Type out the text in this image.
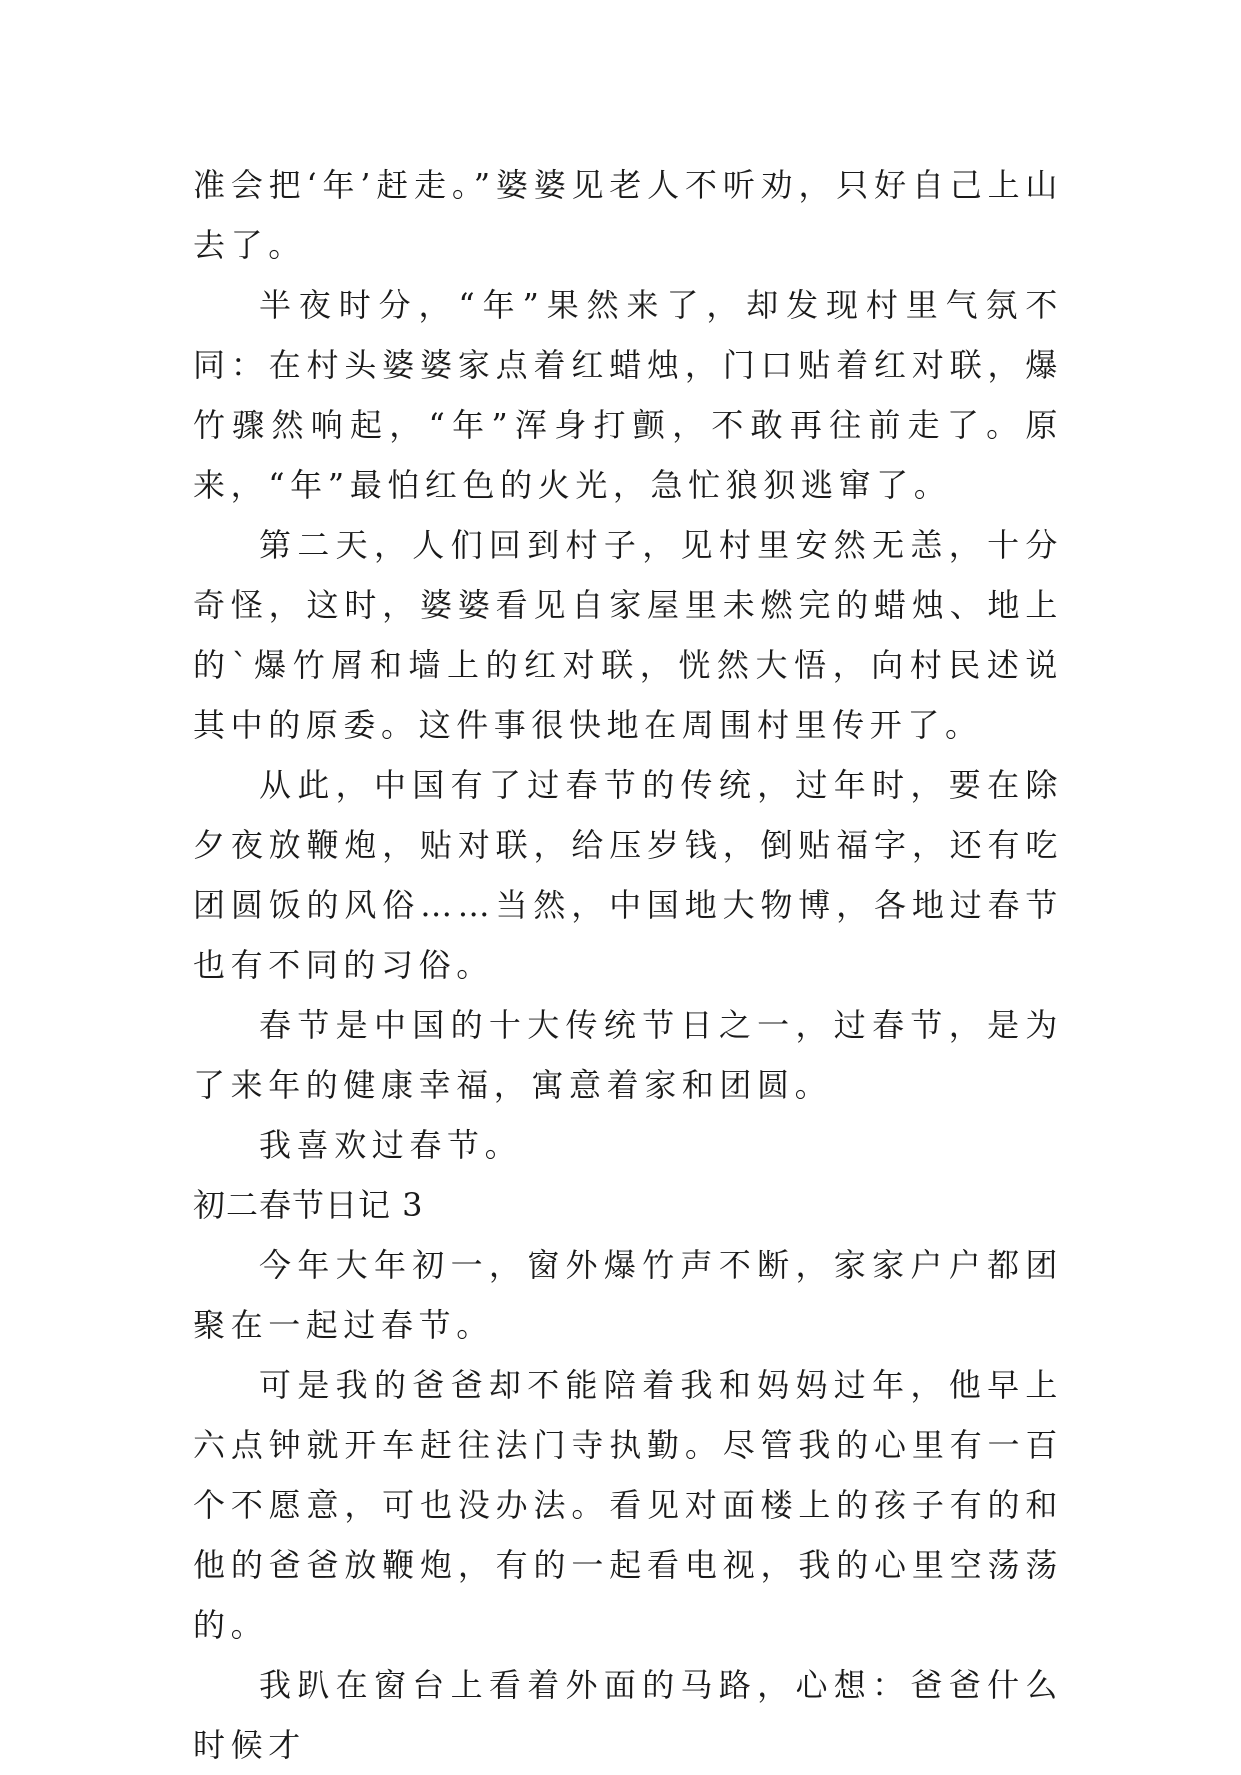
准会把‘年’赶走。”婆婆见老人不听劝，只好自己上山去了。

半夜时分，“年”果然来了，却发现村里气氛不同：在村头婆婆家点着红蜡烛，门口贴着红对联，爆竹骤然响起，“年”浑身打颤，不敢再往前走了。原来，“年”最怕红色的火光，急忙狼狈逃窜了。

第二天，人们回到村子，见村里安然无恙，十分奇怪，这时，婆婆看见自家屋里未燃完的蜡烛、地上的`爆竹屑和墙上的红对联，恍然大悟，向村民述说其中的原委。这件事很快地在周围村里传开了。

从此，中国有了过春节的传统，过年时，要在除夕夜放鞭炮，贴对联，给压岁钱，倒贴福字，还有吃团圆饭的风俗……当然，中国地大物博，各地过春节也有不同的习俗。

春节是中国的十大传统节日之一，过春节，是为了来年的健康幸福，寓意着家和团圆。

我喜欢过春节。

初二春节日记 3

今年大年初一，窗外爆竹声不断，家家户户都团聚在一起过春节。

可是我的爸爸却不能陪着我和妈妈过年，他早上六点钟就开车赶往法门寺执勤。尽管我的心里有一百个不愿意，可也没办法。看见对面楼上的孩子有的和他的爸爸放鞭炮，有的一起看电视，我的心里空荡荡的。

我趴在窗台上看着外面的马路，心想：爸爸什么时候才
